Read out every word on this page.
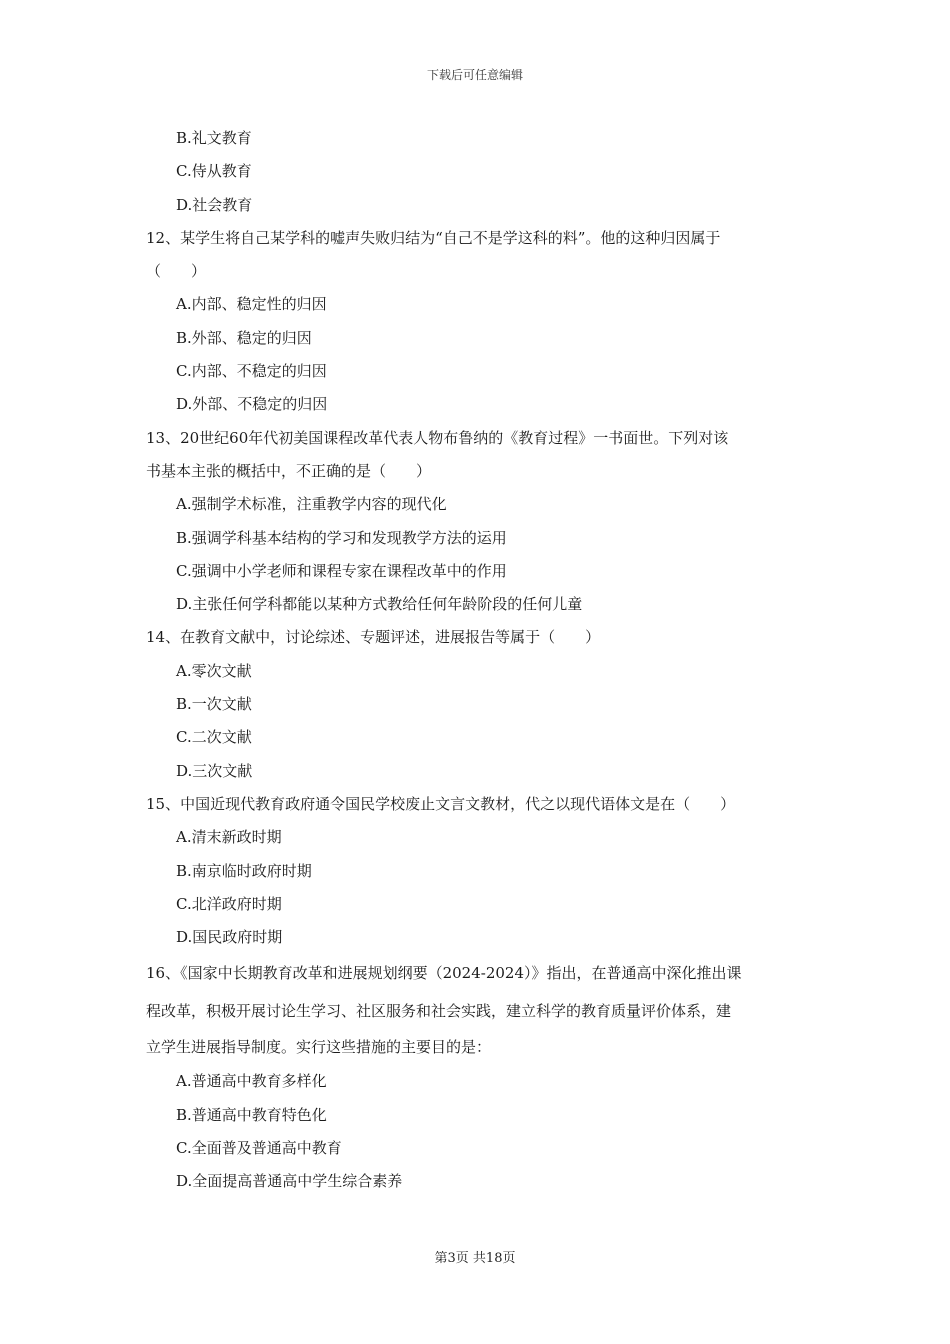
下载后可任意编辑
B.礼文教育
C.侍从教育
D.社会教育
12、某学生将自己某学科的嘘声失败归结为“自己不是学这科的料”。他的这种归因属于
（　　）
A.内部、稳定性的归因
B.外部、稳定的归因
C.内部、不稳定的归因
D.外部、不稳定的归因
13、20世纪60年代初美国课程改革代表人物布鲁纳的《教育过程》一书面世。下列对该
书基本主张的概括中，不正确的是（　　）
A.强制学术标准，注重教学内容的现代化
B.强调学科基本结构的学习和发现教学方法的运用
C.强调中小学老师和课程专家在课程改革中的作用
D.主张任何学科都能以某种方式教给任何年龄阶段的任何儿童
14、在教育文献中，讨论综述、专题评述，进展报告等属于（　　）
A.零次文献
B.一次文献
C.二次文献
D.三次文献
15、中国近现代教育政府通令国民学校废止文言文教材，代之以现代语体文是在（　　）
A.清末新政时期
B.南京临时政府时期
C.北洋政府时期
D.国民政府时期
16、《国家中长期教育改革和进展规划纲要（2024-2024）》指出，在普通高中深化推出课
程改革，积极开展讨论生学习、社区服务和社会实践，建立科学的教育质量评价体系，建
立学生进展指导制度。实行这些措施的主要目的是：
A.普通高中教育多样化
B.普通高中教育特色化
C.全面普及普通高中教育
D.全面提高普通高中学生综合素养
第3页 共18页
